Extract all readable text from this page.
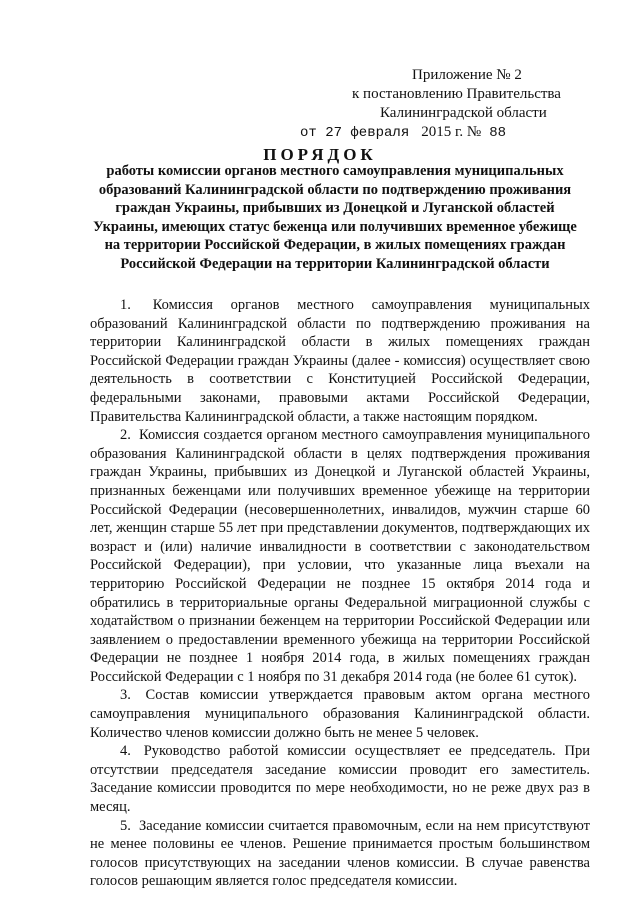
Приложение № 2
к постановлению Правительства
Калининградской области
от 27 февраля 2015 г. № 88
ПОРЯДОК
работы комиссии органов местного самоуправления муниципальных образований Калининградской области по подтверждению проживания граждан Украины, прибывших из Донецкой и Луганской областей Украины, имеющих статус беженца или получивших временное убежище на территории Российской Федерации, в жилых помещениях граждан Российской Федерации на территории Калининградской области

1. Комиссия органов местного самоуправления муниципальных образований Калининградской области по подтверждению проживания на территории Калининградской области в жилых помещениях граждан Российской Федерации граждан Украины (далее - комиссия) осуществляет свою деятельность в соответствии с Конституцией Российской Федерации, федеральными законами, правовыми актами Российской Федерации, Правительства Калининградской области, а также настоящим порядком.

2. Комиссия создается органом местного самоуправления муниципального образования Калининградской области в целях подтверждения проживания граждан Украины, прибывших из Донецкой и Луганской областей Украины, признанных беженцами или получивших временное убежище на территории Российской Федерации (несовершеннолетних, инвалидов, мужчин старше 60 лет, женщин старше 55 лет при представлении документов, подтверждающих их возраст и (или) наличие инвалидности в соответствии с законодательством Российской Федерации), при условии, что указанные лица въехали на территорию Российской Федерации не позднее 15 октября 2014 года и обратились в территориальные органы Федеральной миграционной службы с ходатайством о признании беженцем на территории Российской Федерации или заявлением о предоставлении временного убежища на территории Российской Федерации не позднее 1 ноября 2014 года, в жилых помещениях граждан Российской Федерации с 1 ноября по 31 декабря 2014 года (не более 61 суток).

3. Состав комиссии утверждается правовым актом органа местного самоуправления муниципального образования Калининградской области. Количество членов комиссии должно быть не менее 5 человек.

4. Руководство работой комиссии осуществляет ее председатель. При отсутствии председателя заседание комиссии проводит его заместитель. Заседание комиссии проводится по мере необходимости, но не реже двух раз в месяц.

5. Заседание комиссии считается правомочным, если на нем присутствуют не менее половины ее членов. Решение принимается простым большинством голосов присутствующих на заседании членов комиссии. В случае равенства голосов решающим является голос председателя комиссии.
